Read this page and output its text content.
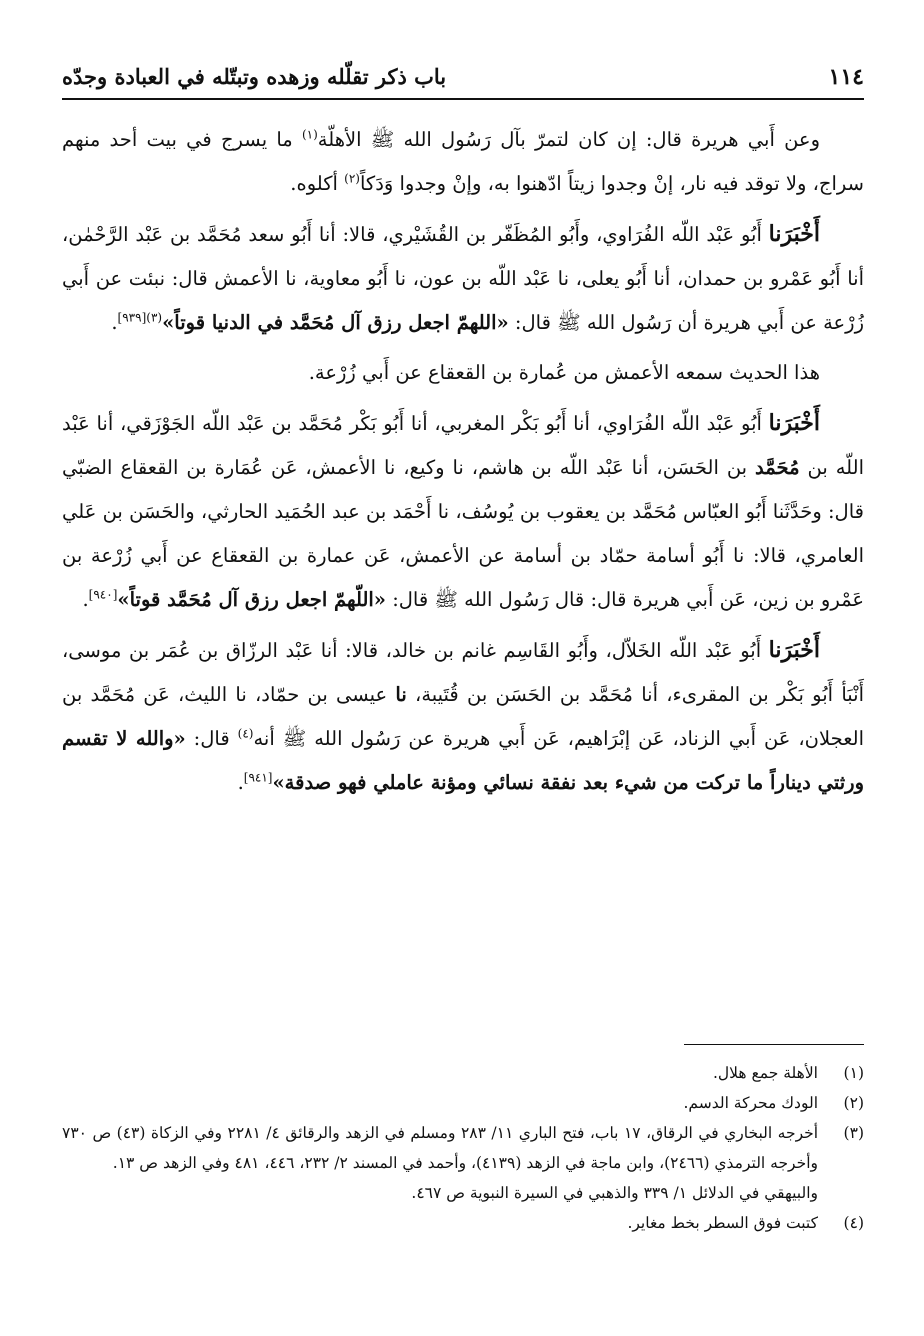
١١٤
باب ذكر تقلّله وزهده وتبتّله في العبادة وجدّه

وعن أَبي هريرة قال: إن كان لتمرّ بآل رَسُول الله ﷺ الأهلّة$^{(١)}$ ما يسرج في بيت أحد منهم سراج، ولا توقد فيه نار، إنْ وجدوا زيتاً ادّهنوا به، وإنْ وجدوا وَدَكاً$^{(٢)}$ أكلوه.

أَخْبَرَنا أَبُو عَبْد اللّه الفُرَاوي، وأَبُو المُظَفّر بن القُشَيْري، قالا: أنا أَبُو سعد مُحَمَّد بن عَبْد الرَّحْمٰن، أنا أَبُو عَمْرو بن حمدان، أنا أَبُو يعلى، نا عَبْد اللّه بن عون، نا أَبُو معاوية، نا الأعمش قال: نبئت عن أَبي زُرْعة عن أَبي هريرة أن رَسُول الله ﷺ قال: «اللهمّ اجعل رزق آل مُحَمَّد في الدنيا قوتاً»$^{(٣)[٩٣٩]}$.

هذا الحديث سمعه الأعمش من عُمارة بن القعقاع عن أَبي زُرْعة.

أَخْبَرَنا أَبُو عَبْد اللّه الفُرَاوي، أنا أَبُو بَكْر المغربي، أنا أَبُو بَكْر مُحَمَّد بن عَبْد اللّه الجَوْزَقي، أنا عَبْد اللّه بن مُحَمَّد بن الحَسَن، أنا عَبْد اللّه بن هاشم، نا وكيع، نا الأعمش، عَن عُمَارة بن القعقاع الضبّي قال: وحَدَّثَنا أَبُو العبّاس مُحَمَّد بن يعقوب بن يُوسُف، نا أَحْمَد بن عبد الحُمَيد الحارثي، والحَسَن بن عَلي العامري، قالا: نا أَبُو أسامة حمّاد بن أسامة عن الأعمش، عَن عمارة بن القعقاع عن أَبي زُرْعة بن عَمْرو بن زين، عَن أَبي هريرة قال: قال رَسُول الله ﷺ قال: «اللّهمّ اجعل رزق آل مُحَمَّد قوتاً»[٩٤٠].

أَخْبَرَنا أَبُو عَبْد اللّه الخَلاّل، وأَبُو القَاسِم غانم بن خالد، قالا: أنا عَبْد الرزّاق بن عُمَر بن موسى، أَنْبَأ أَبُو بَكْر بن المقرىء، أنا مُحَمَّد بن الحَسَن بن قُتَيبة، نا عيسى بن حمّاد، نا الليث، عَن مُحَمَّد بن العجلان، عَن أَبي الزناد، عَن إبْرَاهيم، عَن أَبي هريرة عن رَسُول الله ﷺ أنه$^{(٤)}$ قال: «والله لا تقسم ورثتي ديناراً ما تركت من شيء بعد نفقة نسائي ومؤنة عاملي فهو صدقة»[٩٤١].

(١)
الأهلة جمع هلال.
(٢)
الودك محركة الدسم.
(٣)
أخرجه البخاري في الرقاق، ١٧ باب، فتح الباري ١١/ ٢٨٣ ومسلم في الزهد والرقائق ٤/ ٢٢٨١ وفي الزكاة (٤٣) ص ٧٣٠ وأخرجه الترمذي (٢٤٦٦)، وابن ماجة في الزهد (٤١٣٩)، وأحمد في المسند ٢/ ٢٣٢، ٤٤٦، ٤٨١ وفي الزهد ص ١٣.
والبيهقي في الدلائل ١/ ٣٣٩ والذهبي في السيرة النبوية ص ٤٦٧.
(٤)
كتبت فوق السطر بخط مغاير.
